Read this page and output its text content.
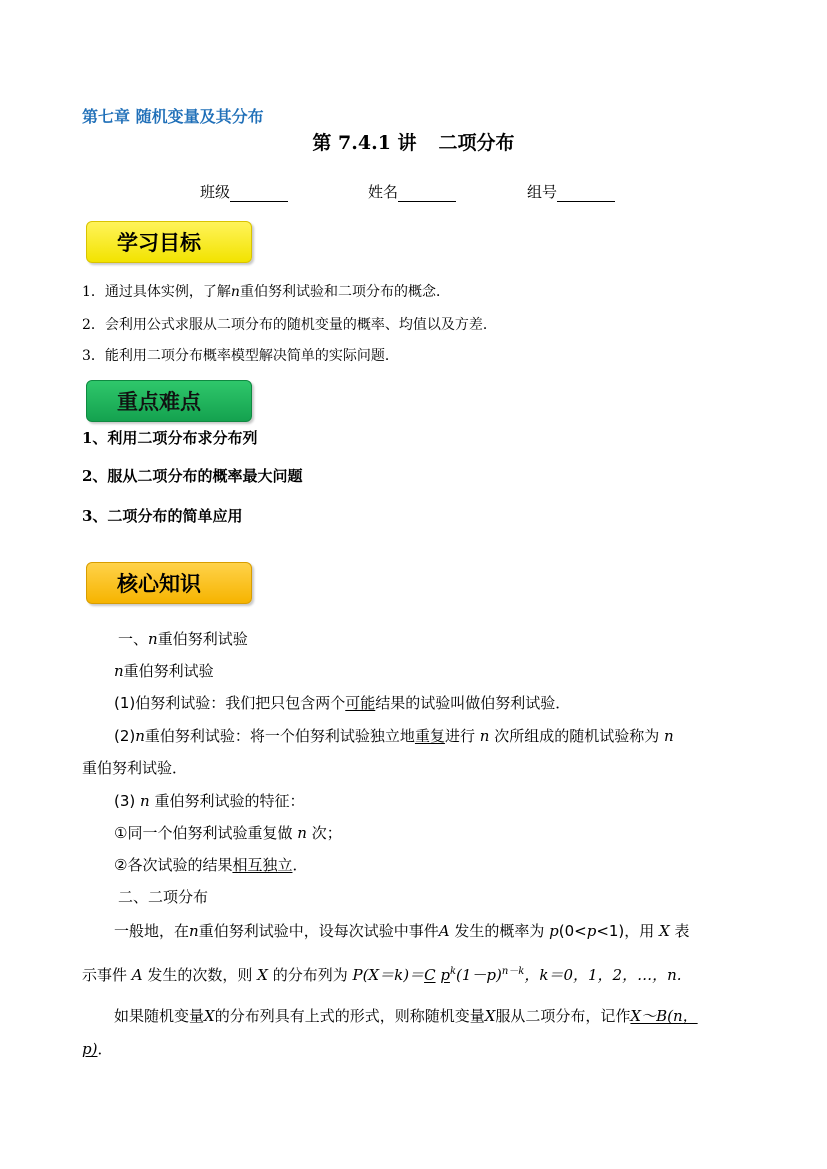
第七章 随机变量及其分布
第 7.4.1 讲 二项分布
班级	姓名	组号
学习目标
1．通过具体实例，了解n重伯努利试验和二项分布的概念．
2．会利用公式求服从二项分布的随机变量的概率、均值以及方差．
3．能利用二项分布概率模型解决简单的实际问题．
重点难点
1、利用二项分布求分布列
2、服从二项分布的概率最大问题
3、二项分布的简单应用
核心知识
一、n重伯努利试验
n重伯努利试验
(1)伯努利试验：我们把只包含两个可能结果的试验叫做伯努利试验．
(2)n重伯努利试验：将一个伯努利试验独立地重复进行 n 次所组成的随机试验称为 n
重伯努利试验．
(3) n 重伯努利试验的特征：
①同一个伯努利试验重复做 n 次；
②各次试验的结果相互独立．
二、二项分布
一般地，在n重伯努利试验中，设每次试验中事件A 发生的概率为 p(0<p<1)，用 X 表
示事件 A 发生的次数，则 X 的分布列为 P(X＝k)＝C $p^k(1-p)^{n-k}$，k＝0，1，2，…，n.
如果随机变量X的分布列具有上式的形式，则称随机变量X服从二项分布，记作X～B(n，
p)．
